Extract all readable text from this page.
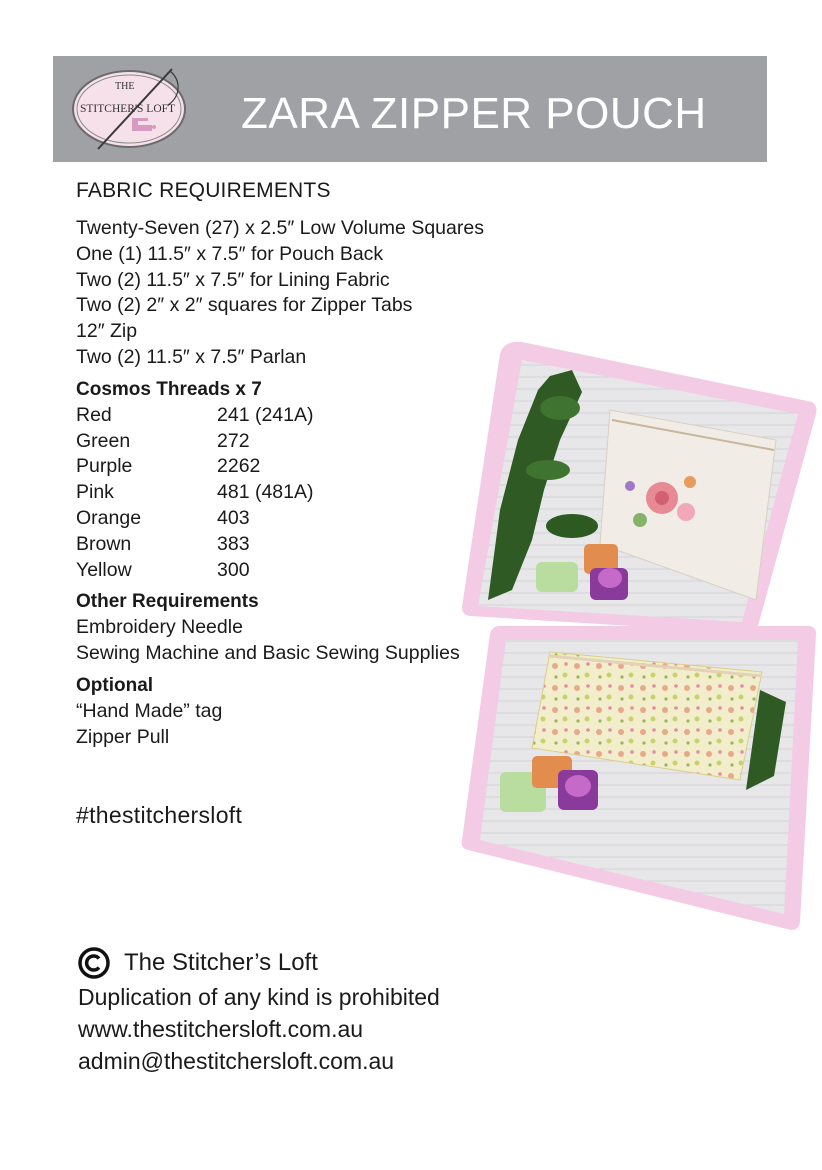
THE
STITCHER'S LOFT ZARA ZIPPER POUCH
FABRIC REQUIREMENTS
Twenty-Seven (27) x 2.5″ Low Volume Squares
One (1) 11.5″ x 7.5″ for Pouch Back
Two (2) 11.5″ x 7.5″ for Lining Fabric
Two (2) 2″ x 2″ squares for Zipper Tabs
12″ Zip
Two (2) 11.5″ x 7.5″ Parlan
Cosmos Threads x 7
Red	241 (241A)
Green	272
Purple	2262
Pink	481 (481A)
Orange	403
Brown	383
Yellow	300
Other Requirements
Embroidery Needle
Sewing Machine and Basic Sewing Supplies
Optional
“Hand Made” tag
Zipper Pull
#thestitchersloft
The Stitcher’s Loft
Duplication of any kind is prohibited
www.thestitchersloft.com.au
admin@thestitchersloft.com.au
